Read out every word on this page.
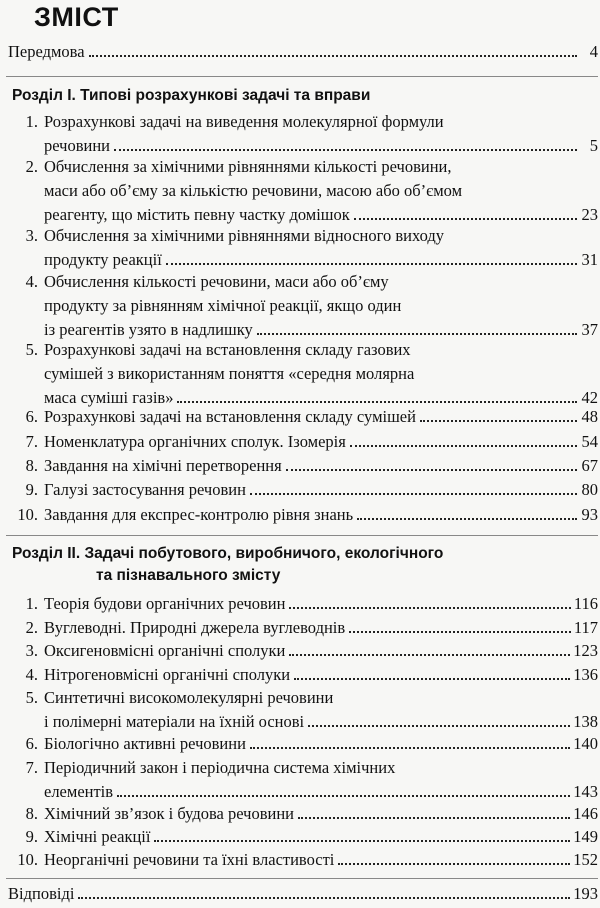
ЗМІСТ
Передмова	4
Розділ І. Типові розрахункові задачі та вправи
1. Розрахункові задачі на виведення молекулярної формули
речовини	5
2. Обчислення за хімічними рівняннями кількості речовини,
маси або об’єму за кількістю речовини, масою або об’ємом
реагенту, що містить певну частку домішок	23
3. Обчислення за хімічними рівняннями відносного виходу
продукту реакції	31
4. Обчислення кількості речовини, маси або об’єму
продукту за рівнянням хімічної реакції, якщо один
із реагентів узято в надлишку	37
5. Розрахункові задачі на встановлення складу газових
сумішей з використанням поняття «середня молярна
маса суміші газів»	42
6. Розрахункові задачі на встановлення складу сумішей	48
7. Номенклатура органічних сполук. Ізомерія	54
8. Завдання на хімічні перетворення	67
9. Галузі застосування речовин	80
10. Завдання для експрес-контролю рівня знань	93
Розділ ІІ. Задачі побутового, виробничого, екологічного
та пізнавального змісту
1. Теорія будови органічних речовин	116
2. Вуглеводні. Природні джерела вуглеводнів	117
3. Оксигеновмісні органічні сполуки	123
4. Нітрогеновмісні органічні сполуки	136
5. Синтетичні високомолекулярні речовини
і полімерні матеріали на їхній основі	138
6. Біологічно активні речовини	140
7. Періодичний закон і періодична система хімічних
елементів	143
8. Хімічний зв’язок і будова речовини	146
9. Хімічні реакції	149
10. Неорганічні речовини та їхні властивості	152
Відповіді	193
